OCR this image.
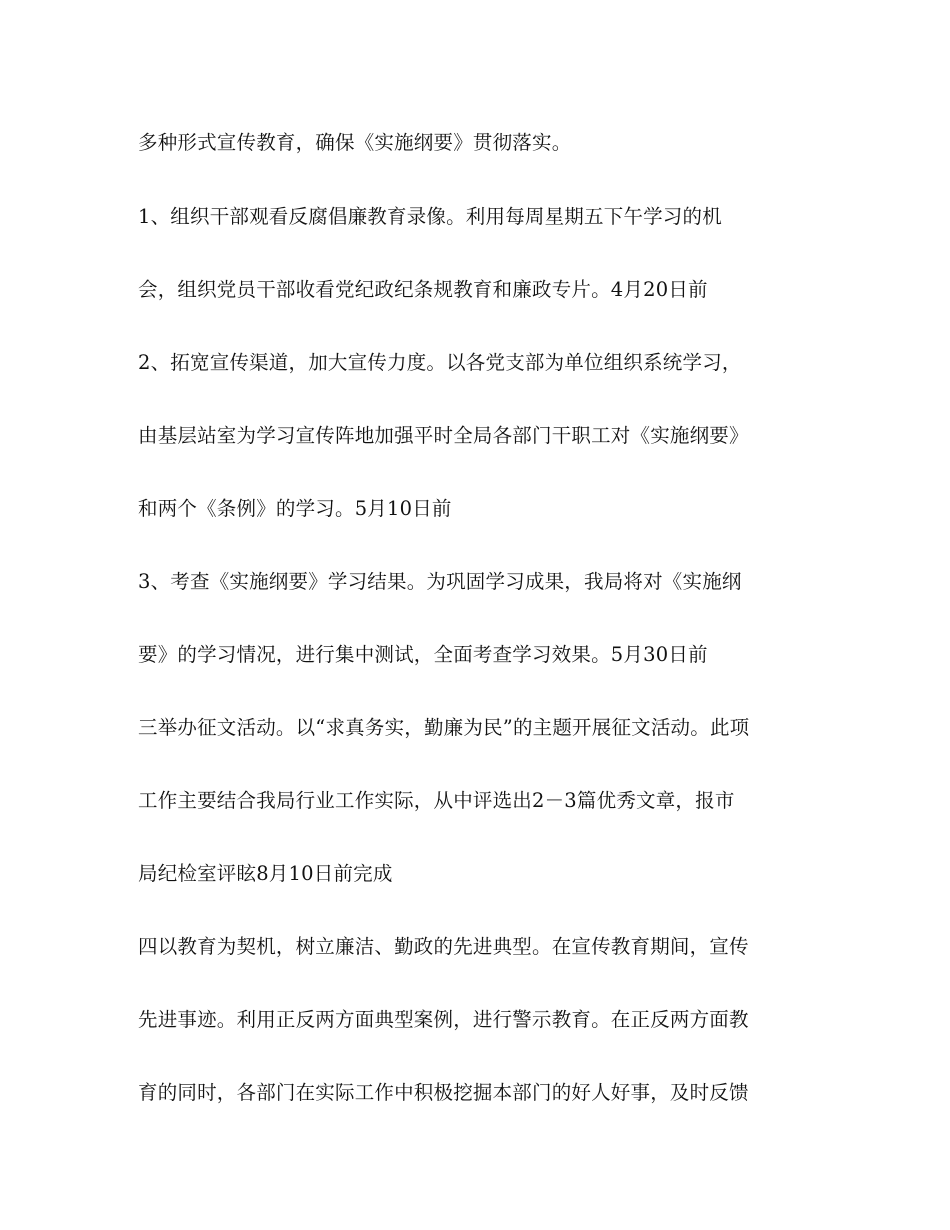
多种形式宣传教育，确保《实施纲要》贯彻落实。
1、组织干部观看反腐倡廉教育录像。利用每周星期五下午学习的机
会，组织党员干部收看党纪政纪条规教育和廉政专片。4月20日前
2、拓宽宣传渠道，加大宣传力度。以各党支部为单位组织系统学习，
由基层站室为学习宣传阵地加强平时全局各部门干职工对《实施纲要》
和两个《条例》的学习。5月10日前
3、考查《实施纲要》学习结果。为巩固学习成果，我局将对《实施纲
要》的学习情况，进行集中测试，全面考查学习效果。5月30日前
三举办征文活动。以“求真务实，勤廉为民”的主题开展征文活动。此项
工作主要结合我局行业工作实际，从中评选出2－3篇优秀文章，报市
局纪检室评眩8月10日前完成
四以教育为契机，树立廉洁、勤政的先进典型。在宣传教育期间，宣传
先进事迹。利用正反两方面典型案例，进行警示教育。在正反两方面教
育的同时，各部门在实际工作中积极挖掘本部门的好人好事，及时反馈
